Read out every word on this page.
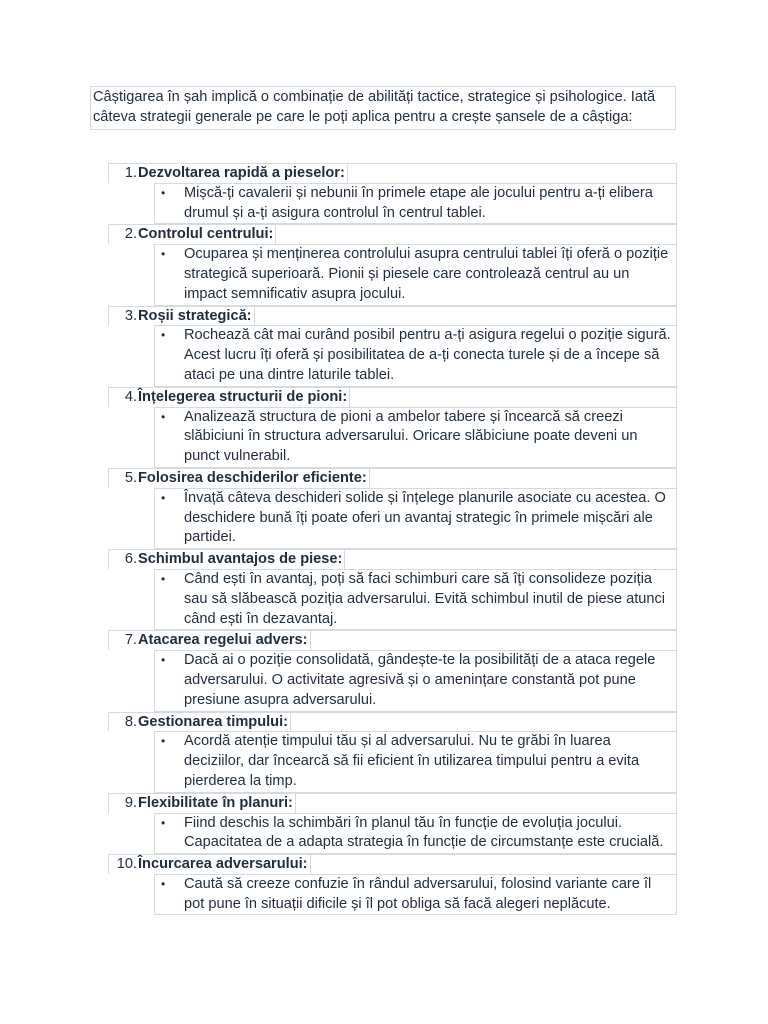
Câștigarea în șah implică o combinație de abilități tactice, strategice și psihologice. Iată câteva strategii generale pe care le poți aplica pentru a crește șansele de a câștiga:
1. Dezvoltarea rapidă a pieselor:
• Mișcă-ți cavalerii și nebunii în primele etape ale jocului pentru a-ți elibera drumul și a-ți asigura controlul în centrul tablei.
2. Controlul centrului:
• Ocuparea și menținerea controlului asupra centrului tablei îți oferă o poziție strategică superioară. Pionii și piesele care controlează centrul au un impact semnificativ asupra jocului.
3. Roșii strategică:
• Rochează cât mai curând posibil pentru a-ți asigura regelui o poziție sigură. Acest lucru îți oferă și posibilitatea de a-ți conecta turele și de a începe să ataci pe una dintre laturile tablei.
4. Înțelegerea structurii de pioni:
• Analizează structura de pioni a ambelor tabere și încearcă să creezi slăbiciuni în structura adversarului. Oricare slăbiciune poate deveni un punct vulnerabil.
5. Folosirea deschiderilor eficiente:
• Învață câteva deschideri solide și înțelege planurile asociate cu acestea. O deschidere bună îți poate oferi un avantaj strategic în primele mișcări ale partidei.
6. Schimbul avantajos de piese:
• Când ești în avantaj, poți să faci schimburi care să îți consolideze poziția sau să slăbească poziția adversarului. Evită schimbul inutil de piese atunci când ești în dezavantaj.
7. Atacarea regelui advers:
• Dacă ai o poziție consolidată, gândește-te la posibilități de a ataca regele adversarului. O activitate agresivă și o amenințare constantă pot pune presiune asupra adversarului.
8. Gestionarea timpului:
• Acordă atenție timpului tău și al adversarului. Nu te grăbi în luarea deciziilor, dar încearcă să fii eficient în utilizarea timpului pentru a evita pierderea la timp.
9. Flexibilitate în planuri:
• Fiind deschis la schimbări în planul tău în funcție de evoluția jocului. Capacitatea de a adapta strategia în funcție de circumstanțe este crucială.
10. Încurcarea adversarului:
• Caută să creeze confuzie în rândul adversarului, folosind variante care îl pot pune în situații dificile și îl pot obliga să facă alegeri neplăcute.
